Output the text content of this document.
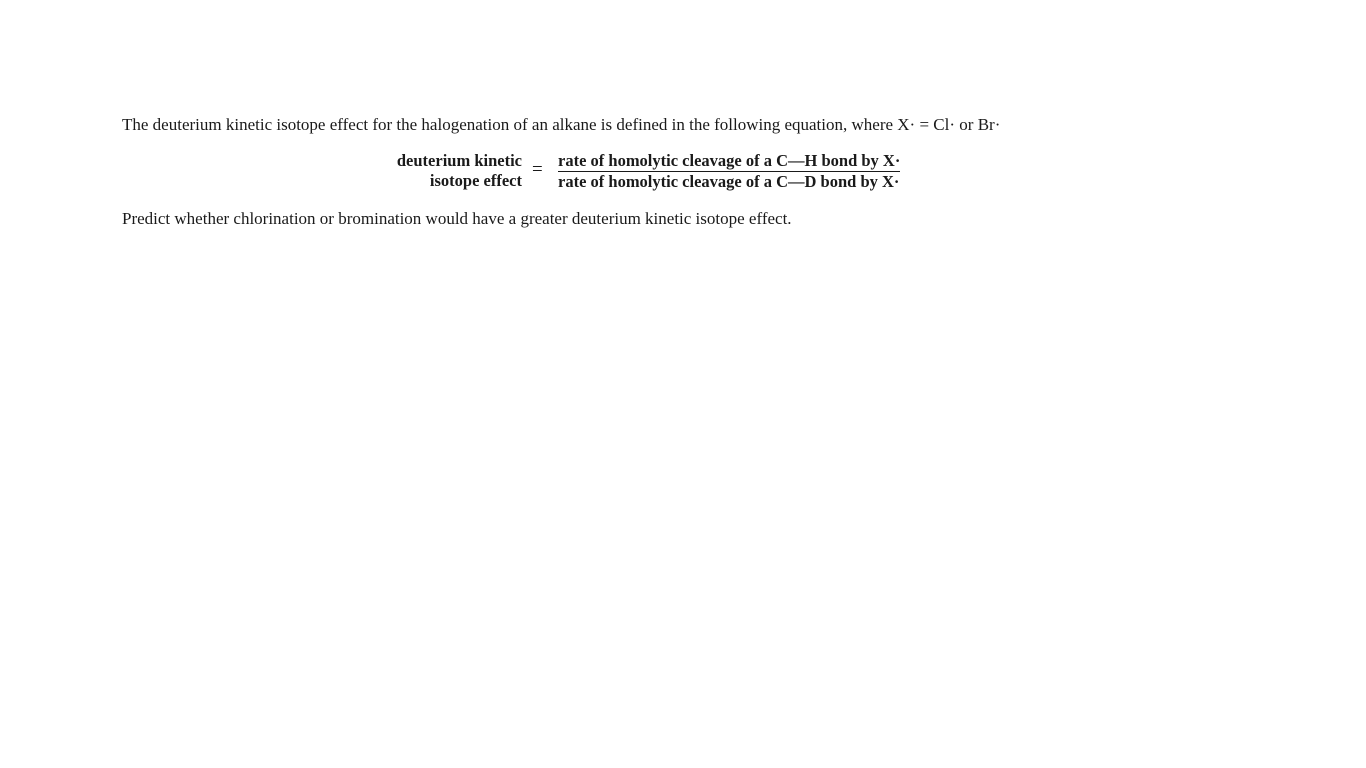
The deuterium kinetic isotope effect for the halogenation of an alkane is defined in the following equation, where X· = Cl· or Br·
deuterium kinetic
isotope effect
= rate of homolytic cleavage of a C—H bond by X·
rate of homolytic cleavage of a C—D bond by X·
Predict whether chlorination or bromination would have a greater deuterium kinetic isotope effect.
